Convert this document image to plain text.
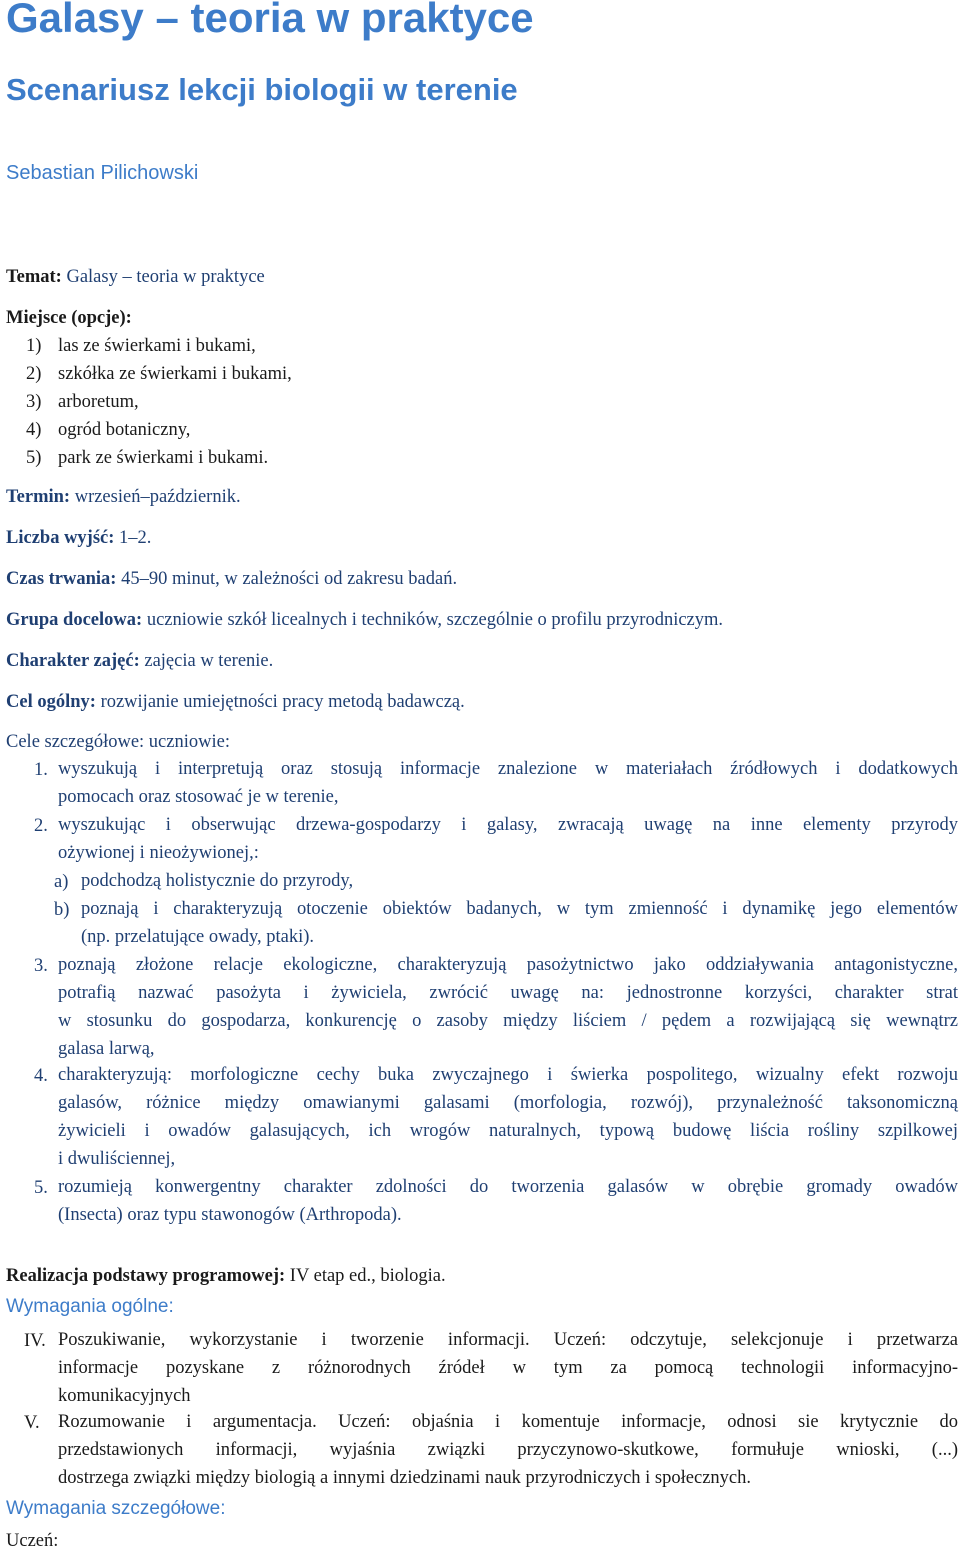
Galasy – teoria w praktyce
Scenariusz lekcji biologii w terenie
Sebastian Pilichowski
Temat: Galasy – teoria w praktyce
Miejsce (opcje):
1) las ze świerkami i bukami,
2) szkółka ze świerkami i bukami,
3) arboretum,
4) ogród botaniczny,
5) park ze świerkami i bukami.
Termin: wrzesień–październik.
Liczba wyjść: 1–2.
Czas trwania: 45–90 minut, w zależności od zakresu badań.
Grupa docelowa: uczniowie szkół licealnych i techników, szczególnie o profilu przyrodniczym.
Charakter zajęć: zajęcia w terenie.
Cel ogólny: rozwijanie umiejętności pracy metodą badawczą.
Cele szczegółowe: uczniowie:
1. wyszukują i interpretują oraz stosują informacje znalezione w materiałach źródłowych i dodatkowych
pomocach oraz stosować je w terenie,
2. wyszukując i obserwując drzewa-gospodarzy i galasy, zwracają uwagę na inne elementy przyrody
ożywionej i nieożywionej,:
a) podchodzą holistycznie do przyrody,
b) poznają i charakteryzują otoczenie obiektów badanych, w tym zmienność i dynamikę jego elementów
(np. przelatujące owady, ptaki).
3. poznają złożone relacje ekologiczne, charakteryzują pasożytnictwo jako oddziaływania antagonistyczne,
potrafią nazwać pasożyta i żywiciela, zwrócić uwagę na: jednostronne korzyści, charakter strat
w stosunku do gospodarza, konkurencję o zasoby między liściem / pędem a rozwijającą się wewnątrz
galasa larwą,
4. charakteryzują: morfologiczne cechy buka zwyczajnego i świerka pospolitego, wizualny efekt rozwoju
galasów, różnice między omawianymi galasami (morfologia, rozwój), przynależność taksonomiczną
żywicieli i owadów galasujących, ich wrogów naturalnych, typową budowę liścia rośliny szpilkowej
i dwuliściennej,
5. rozumieją konwergentny charakter zdolności do tworzenia galasów w obrębie gromady owadów
(Insecta) oraz typu stawonogów (Arthropoda).
Realizacja podstawy programowej: IV etap ed., biologia.
Wymagania ogólne:
IV. Poszukiwanie, wykorzystanie i tworzenie informacji. Uczeń: odczytuje, selekcjonuje i przetwarza
informacje pozyskane z różnorodnych źródeł w tym za pomocą technologii informacyjno-
komunikacyjnych
V. Rozumowanie i argumentacja. Uczeń: objaśnia i komentuje informacje, odnosi sie krytycznie do
przedstawionych informacji, wyjaśnia związki przyczynowo-skutkowe, formułuje wnioski, (...)
dostrzega związki między biologią a innymi dziedzinami nauk przyrodniczych i społecznych.
Wymagania szczegółowe:
Uczeń:
